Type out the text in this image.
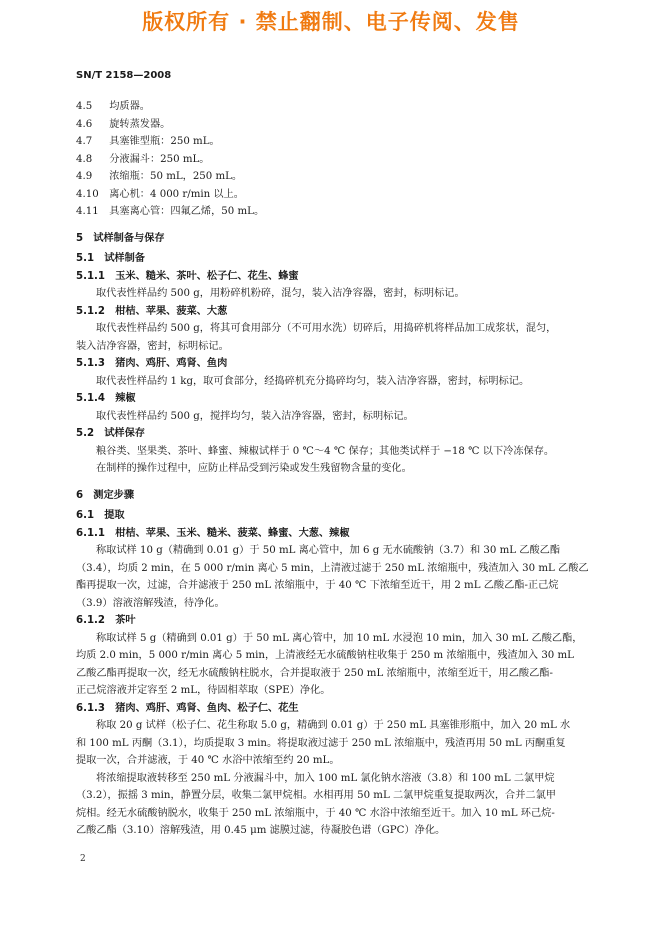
版权所有 · 禁止翻制、电子传阅、发售
SN/T 2158—2008
4.5 均质器。
4.6 旋转蒸发器。
4.7 具塞锥型瓶：250 mL。
4.8 分液漏斗：250 mL。
4.9 浓缩瓶：50 mL，250 mL。
4.10 离心机：4 000 r/min 以上。
4.11 具塞离心管：四氟乙烯，50 mL。
5　试样制备与保存
5.1　试样制备
5.1.1　玉米、糙米、茶叶、松子仁、花生、蜂蜜
取代表性样品约 500 g，用粉碎机粉碎，混匀，装入洁净容器，密封，标明标记。
5.1.2　柑桔、苹果、菠菜、大葱
取代表性样品约 500 g，将其可食用部分（不可用水洗）切碎后，用捣碎机将样品加工成浆状，混匀，
装入洁净容器，密封，标明标记。
5.1.3　猪肉、鸡肝、鸡肾、鱼肉
取代表性样品约 1 kg，取可食部分，经捣碎机充分捣碎均匀，装入洁净容器，密封，标明标记。
5.1.4　辣椒
取代表性样品约 500 g，搅拌均匀，装入洁净容器，密封，标明标记。
5.2　试样保存
粮谷类、坚果类、茶叶、蜂蜜、辣椒试样于 0 ℃～4 ℃ 保存；其他类试样于 −18 ℃ 以下冷冻保存。
在制样的操作过程中，应防止样品受到污染或发生残留物含量的变化。
6　测定步骤
6.1　提取
6.1.1　柑桔、苹果、玉米、糙米、菠菜、蜂蜜、大葱、辣椒
称取试样 10 g（精确到 0.01 g）于 50 mL 离心管中，加 6 g 无水硫酸钠（3.7）和 30 mL 乙酸乙酯
（3.4），均质 2 min，在 5 000 r/min 离心 5 min，上清液过滤于 250 mL 浓缩瓶中，残渣加入 30 mL 乙酸乙
酯再提取一次，过滤，合并滤液于 250 mL 浓缩瓶中，于 40 ℃ 下浓缩至近干，用 2 mL 乙酸乙酯-正己烷
（3.9）溶液溶解残渣，待净化。
6.1.2　茶叶
称取试样 5 g（精确到 0.01 g）于 50 mL 离心管中，加 10 mL 水浸泡 10 min，加入 30 mL 乙酸乙酯，
均质 2.0 min，5 000 r/min 离心 5 min，上清液经无水硫酸钠柱收集于 250 m 浓缩瓶中，残渣加入 30 mL
乙酸乙酯再提取一次，经无水硫酸钠柱脱水，合并提取液于 250 mL 浓缩瓶中，浓缩至近干，用乙酸乙酯-
正己烷溶液并定容至 2 mL，待固相萃取（SPE）净化。
6.1.3　猪肉、鸡肝、鸡肾、鱼肉、松子仁、花生
称取 20 g 试样（松子仁、花生称取 5.0 g，精确到 0.01 g）于 250 mL 具塞锥形瓶中，加入 20 mL 水
和 100 mL 丙酮（3.1），均质提取 3 min。将提取液过滤于 250 mL 浓缩瓶中，残渣再用 50 mL 丙酮重复
提取一次，合并滤液，于 40 ℃ 水浴中浓缩至约 20 mL。
将浓缩提取液转移至 250 mL 分液漏斗中，加入 100 mL 氯化钠水溶液（3.8）和 100 mL 二氯甲烷
（3.2），振摇 3 min，静置分层，收集二氯甲烷相。水相再用 50 mL 二氯甲烷重复提取两次，合并二氯甲
烷相。经无水硫酸钠脱水，收集于 250 mL 浓缩瓶中，于 40 ℃ 水浴中浓缩至近干。加入 10 mL 环己烷-
乙酸乙酯（3.10）溶解残渣，用 0.45 μm 滤膜过滤，待凝胶色谱（GPC）净化。
2
